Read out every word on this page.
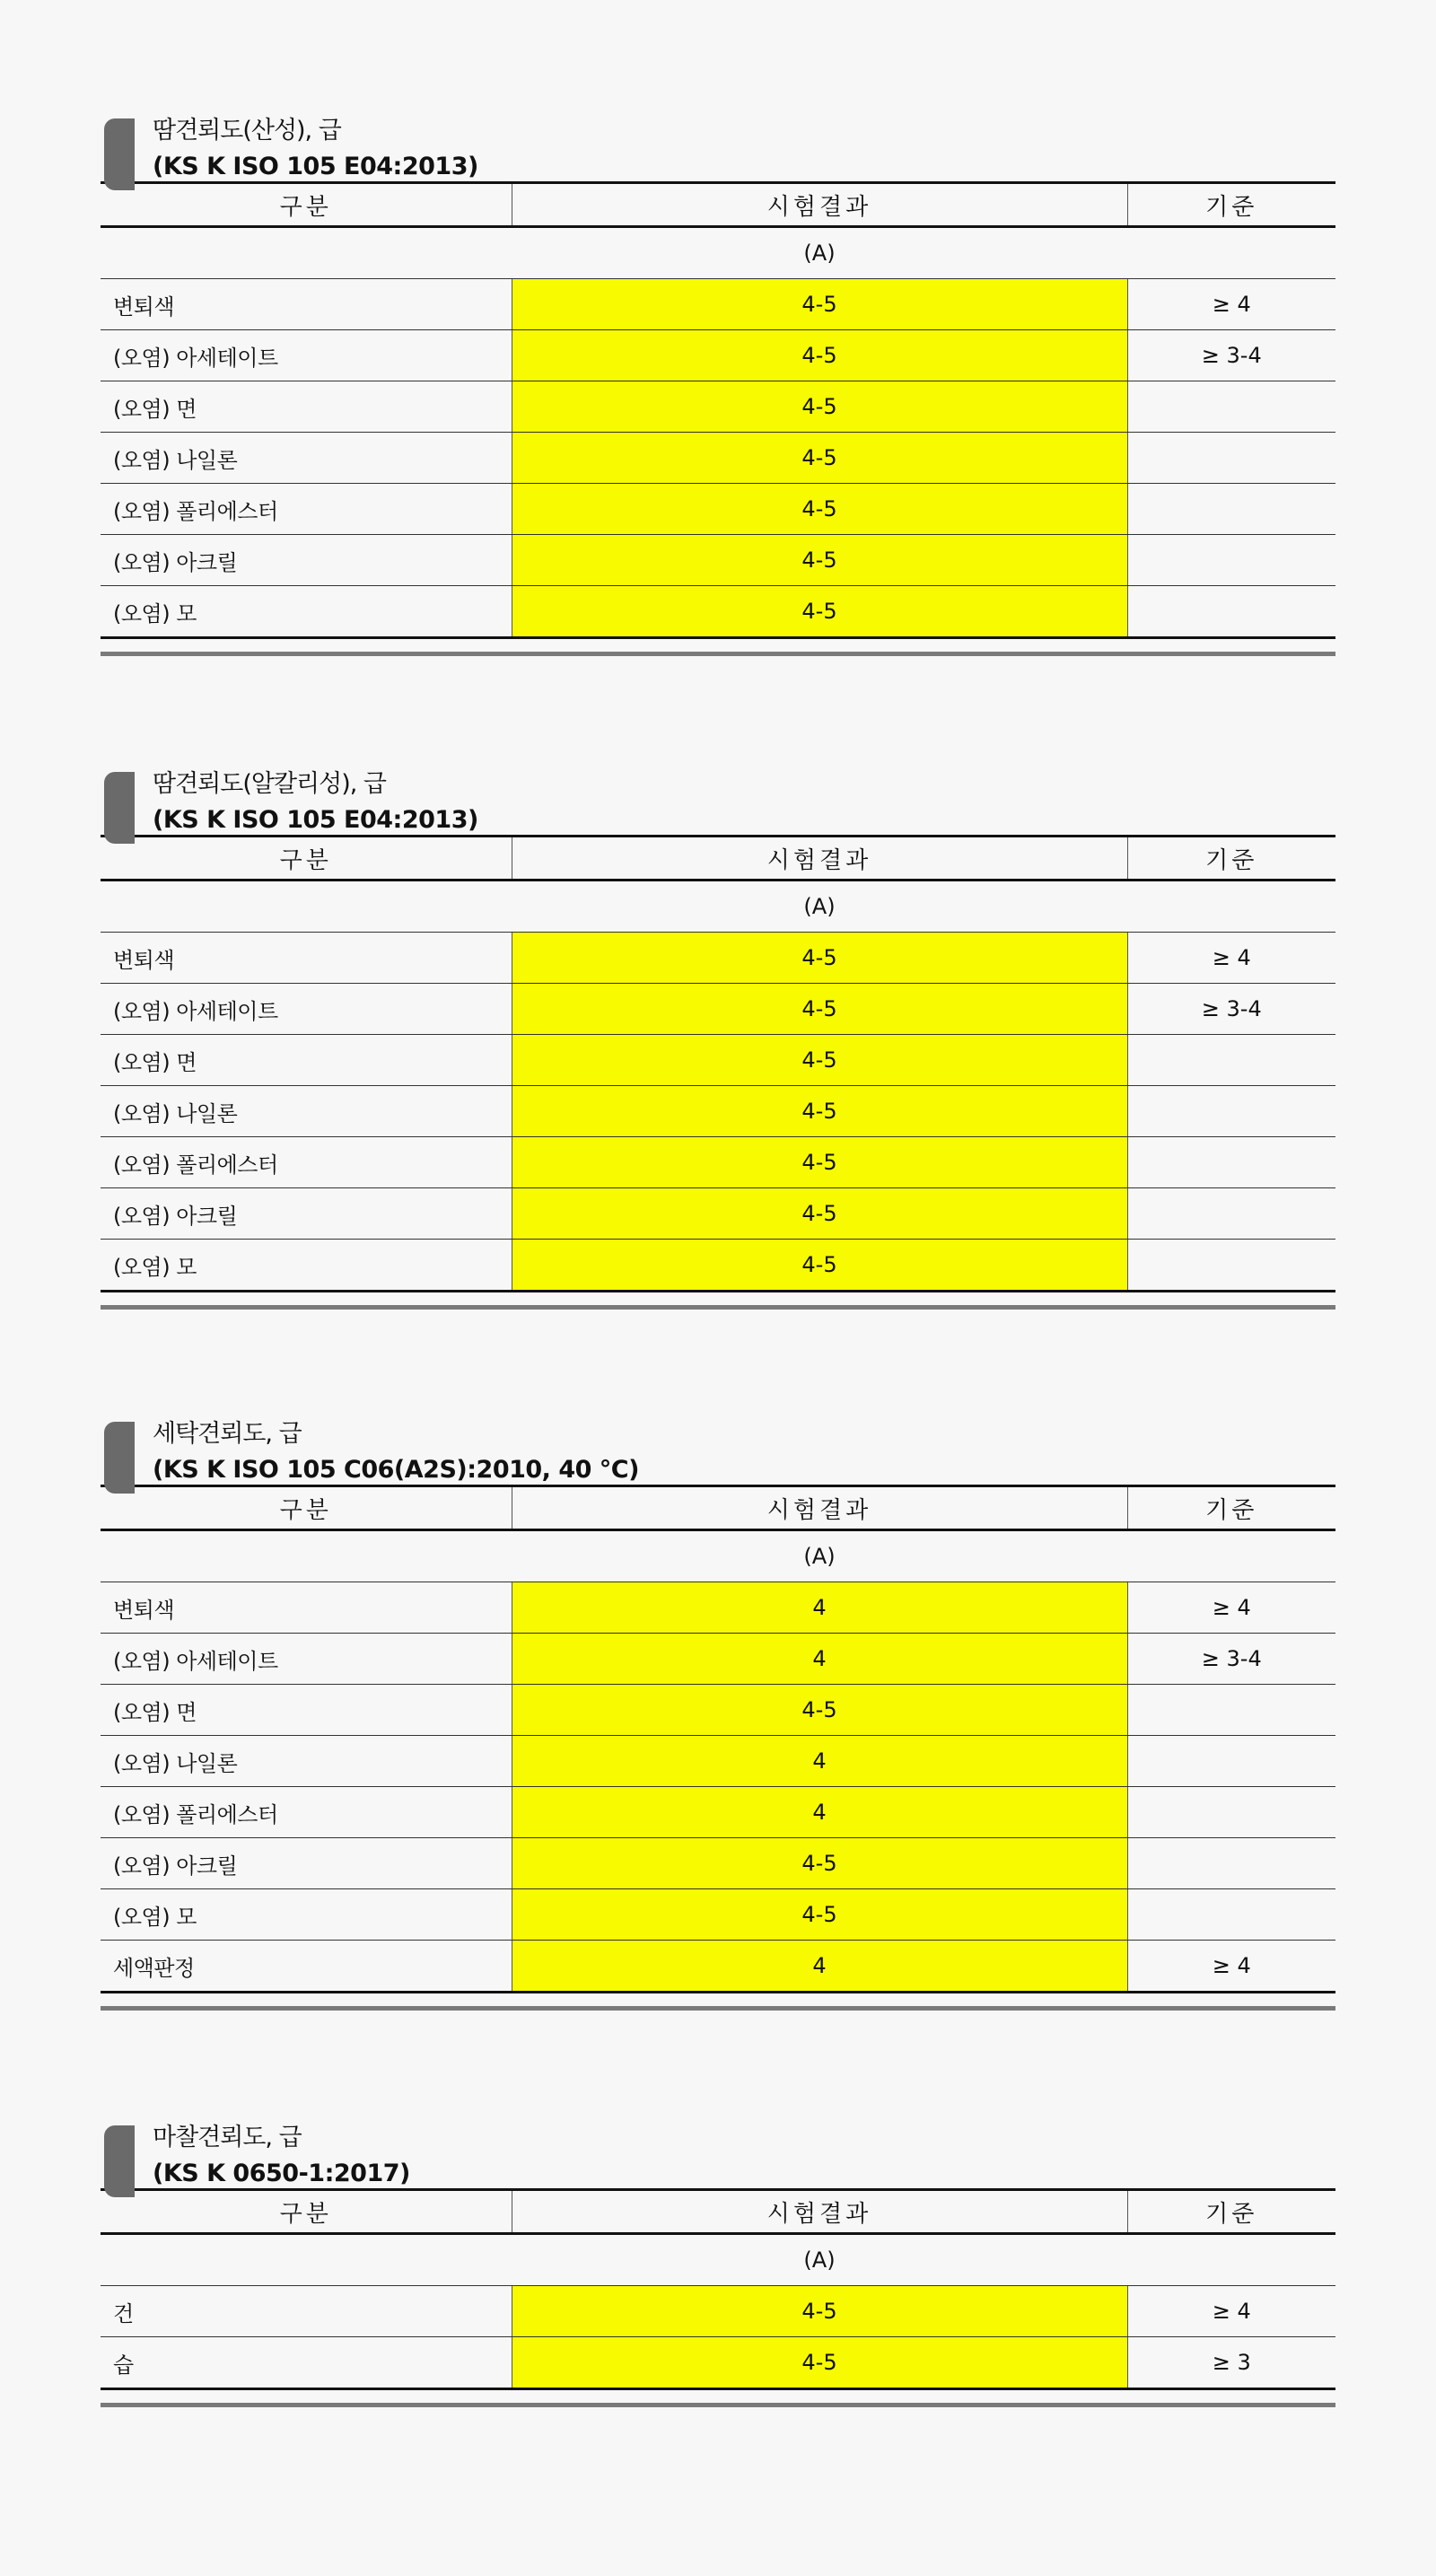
땀견뢰도(산성), 급
(KS K ISO 105 E04:2013)
구분	시험결과	기준
	(A)	
변퇴색	4-5	≥ 4
(오염) 아세테이트	4-5	≥ 3-4
(오염) 면	4-5	
(오염) 나일론	4-5	
(오염) 폴리에스터	4-5	
(오염) 아크릴	4-5	
(오염) 모	4-5	
땀견뢰도(알칼리성), 급
(KS K ISO 105 E04:2013)
구분	시험결과	기준
	(A)	
변퇴색	4-5	≥ 4
(오염) 아세테이트	4-5	≥ 3-4
(오염) 면	4-5	
(오염) 나일론	4-5	
(오염) 폴리에스터	4-5	
(오염) 아크릴	4-5	
(오염) 모	4-5	
세탁견뢰도, 급
(KS K ISO 105 C06(A2S):2010, 40 °C)
구분	시험결과	기준
	(A)	
변퇴색	4	≥ 4
(오염) 아세테이트	4	≥ 3-4
(오염) 면	4-5	
(오염) 나일론	4	
(오염) 폴리에스터	4	
(오염) 아크릴	4-5	
(오염) 모	4-5	
세액판정	4	≥ 4
마찰견뢰도, 급
(KS K 0650-1:2017)
구분	시험결과	기준
	(A)	
건	4-5	≥ 4
습	4-5	≥ 3
